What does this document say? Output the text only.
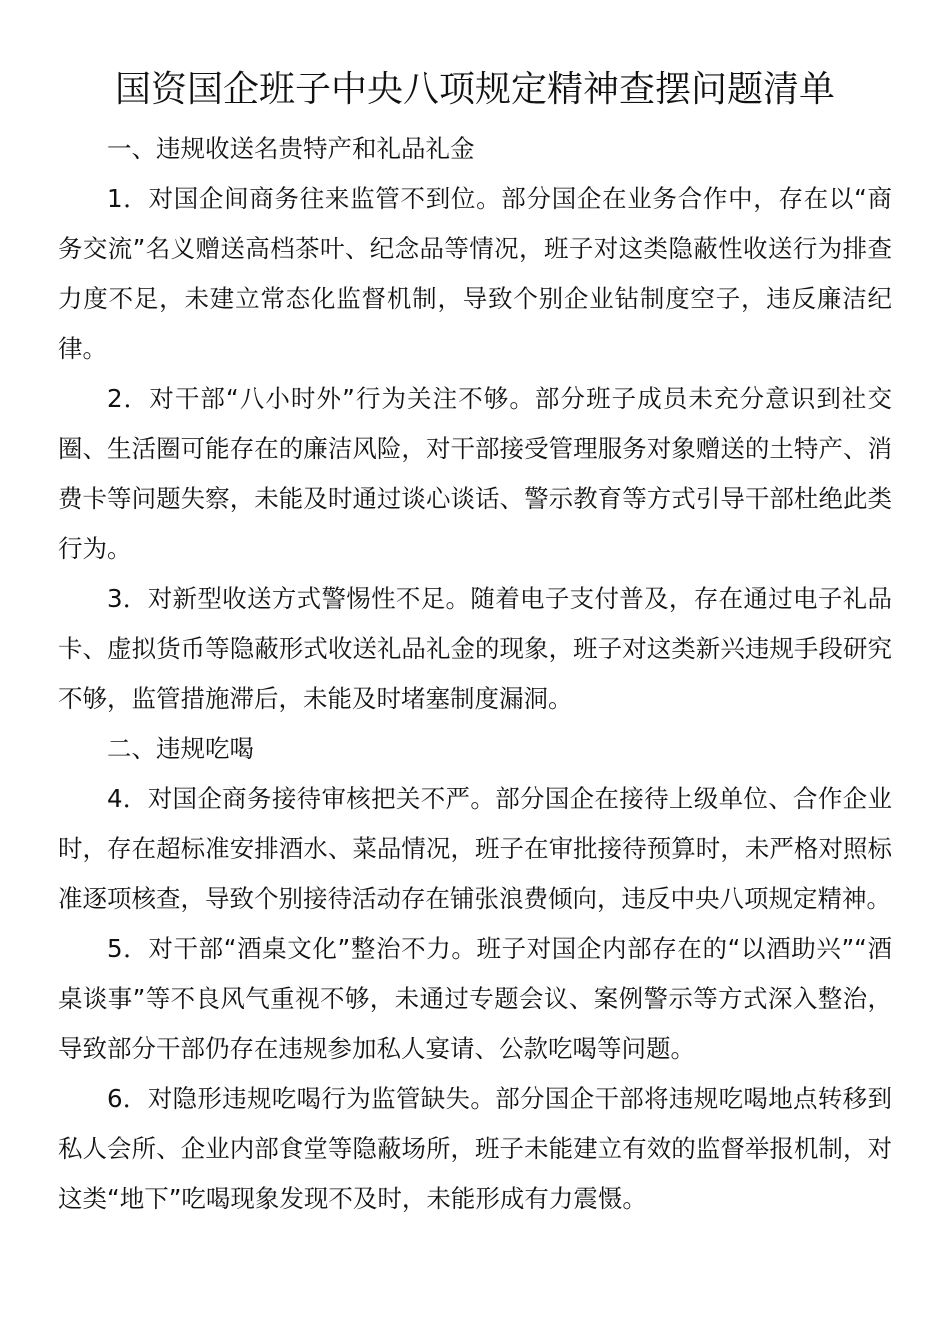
国资国企班子中央八项规定精神查摆问题清单

一、违规收送名贵特产和礼品礼金

1．对国企间商务往来监管不到位。部分国企在业务合作中，存在以“商务交流”名义赠送高档茶叶、纪念品等情况，班子对这类隐蔽性收送行为排查力度不足，未建立常态化监督机制，导致个别企业钻制度空子，违反廉洁纪律。

2．对干部“八小时外”行为关注不够。部分班子成员未充分意识到社交圈、生活圈可能存在的廉洁风险，对干部接受管理服务对象赠送的土特产、消费卡等问题失察，未能及时通过谈心谈话、警示教育等方式引导干部杜绝此类行为。

3．对新型收送方式警惕性不足。随着电子支付普及，存在通过电子礼品卡、虚拟货币等隐蔽形式收送礼品礼金的现象，班子对这类新兴违规手段研究不够，监管措施滞后，未能及时堵塞制度漏洞。

二、违规吃喝

4．对国企商务接待审核把关不严。部分国企在接待上级单位、合作企业时，存在超标准安排酒水、菜品情况，班子在审批接待预算时，未严格对照标准逐项核查，导致个别接待活动存在铺张浪费倾向，违反中央八项规定精神。

5．对干部“酒桌文化”整治不力。班子对国企内部存在的“以酒助兴”“酒桌谈事”等不良风气重视不够，未通过专题会议、案例警示等方式深入整治，导致部分干部仍存在违规参加私人宴请、公款吃喝等问题。

6．对隐形违规吃喝行为监管缺失。部分国企干部将违规吃喝地点转移到私人会所、企业内部食堂等隐蔽场所，班子未能建立有效的监督举报机制，对这类“地下”吃喝现象发现不及时，未能形成有力震慑。
